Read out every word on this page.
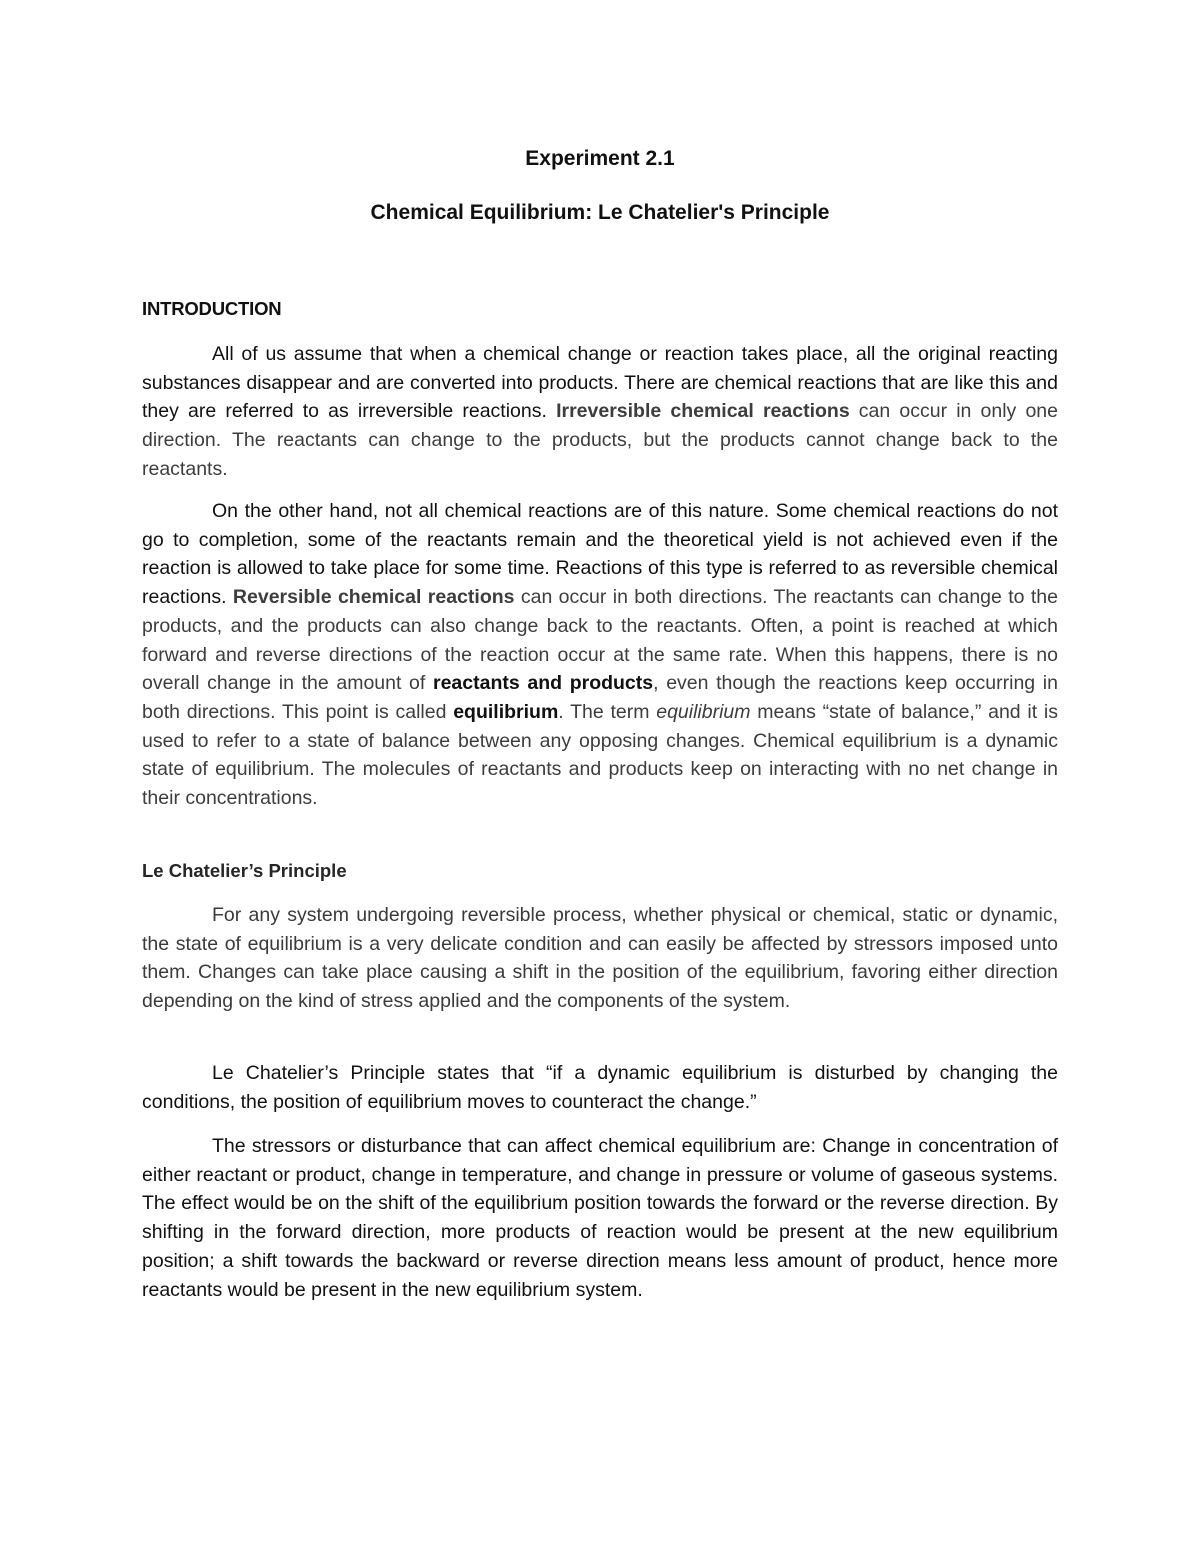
Experiment 2.1
Chemical Equilibrium: Le Chatelier's Principle
INTRODUCTION

All of us assume that when a chemical change or reaction takes place, all the original reacting substances disappear and are converted into products. There are chemical reactions that are like this and they are referred to as irreversible reactions. Irreversible chemical reactions can occur in only one direction. The reactants can change to the products, but the products cannot change back to the reactants.

On the other hand, not all chemical reactions are of this nature. Some chemical reactions do not go to completion, some of the reactants remain and the theoretical yield is not achieved even if the reaction is allowed to take place for some time. Reactions of this type is referred to as reversible chemical reactions. Reversible chemical reactions can occur in both directions. The reactants can change to the products, and the products can also change back to the reactants. Often, a point is reached at which forward and reverse directions of the reaction occur at the same rate. When this happens, there is no overall change in the amount of reactants and products, even though the reactions keep occurring in both directions. This point is called equilibrium. The term equilibrium means “state of balance,” and it is used to refer to a state of balance between any opposing changes. Chemical equilibrium is a dynamic state of equilibrium. The molecules of reactants and products keep on interacting with no net change in their concentrations.

Le Chatelier’s Principle

For any system undergoing reversible process, whether physical or chemical, static or dynamic, the state of equilibrium is a very delicate condition and can easily be affected by stressors imposed unto them. Changes can take place causing a shift in the position of the equilibrium, favoring either direction depending on the kind of stress applied and the components of the system.

Le Chatelier’s Principle states that “if a dynamic equilibrium is disturbed by changing the conditions, the position of equilibrium moves to counteract the change.”

The stressors or disturbance that can affect chemical equilibrium are: Change in concentration of either reactant or product, change in temperature, and change in pressure or volume of gaseous systems. The effect would be on the shift of the equilibrium position towards the forward or the reverse direction. By shifting in the forward direction, more products of reaction would be present at the new equilibrium position; a shift towards the backward or reverse direction means less amount of product, hence more reactants would be present in the new equilibrium system.
